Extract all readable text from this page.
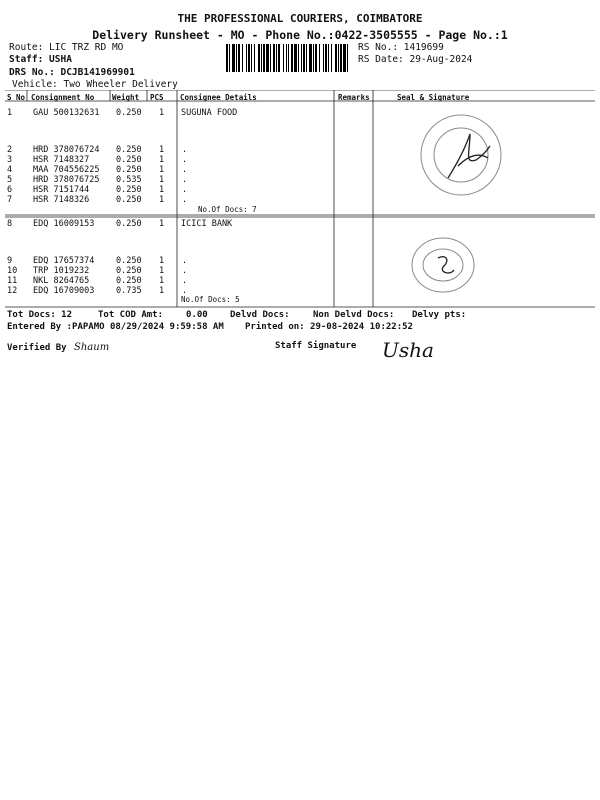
THE PROFESSIONAL COURIERS, COIMBATORE
Delivery Runsheet - MO - Phone No.:0422-3505555 - Page No.:1
Route: LIC TRZ RD MO
Staff: USHA
DRS No.: DCJB141969901
Vehicle: Two Wheeler Delivery
RS No.: 1419699
RS Date: 29-Aug-2024
S No Consignment No Weight PCS Consignee Details	Remarks	Seal & Signature
1 GAU 500132631 0.250 1 SUGUNA FOOD
2 HRD 378076724 0.250 1 .
3 HSR 7148327	0.250 1 .
4 MAA 704556225 0.250 1 .
5 HRD 378076725 0.535 1 .
6 HSR 7151744	0.250 1 .
7 HSR 7148326	0.250 1 .
No.Of Docs: 7
8 EDQ 16009153	0.250 1 ICICI BANK
9 EDQ 17657374	0.250 1 .
10 TRP 1019232	0.250 1 .
11 NKL 8264765	0.250 1 .
12 EDQ 16709003	0.735 1 .
No.Of Docs: 5
Tot Docs: 12	Tot COD Amt:	0.00 Delvd Docs:	Non Delvd Docs: Delvy pts:
Entered By :PAPAMO 08/29/2024 9:59:58 AM Printed on: 29-08-2024 10:22:52
Verified By Shaum	Staff Signature Usha
